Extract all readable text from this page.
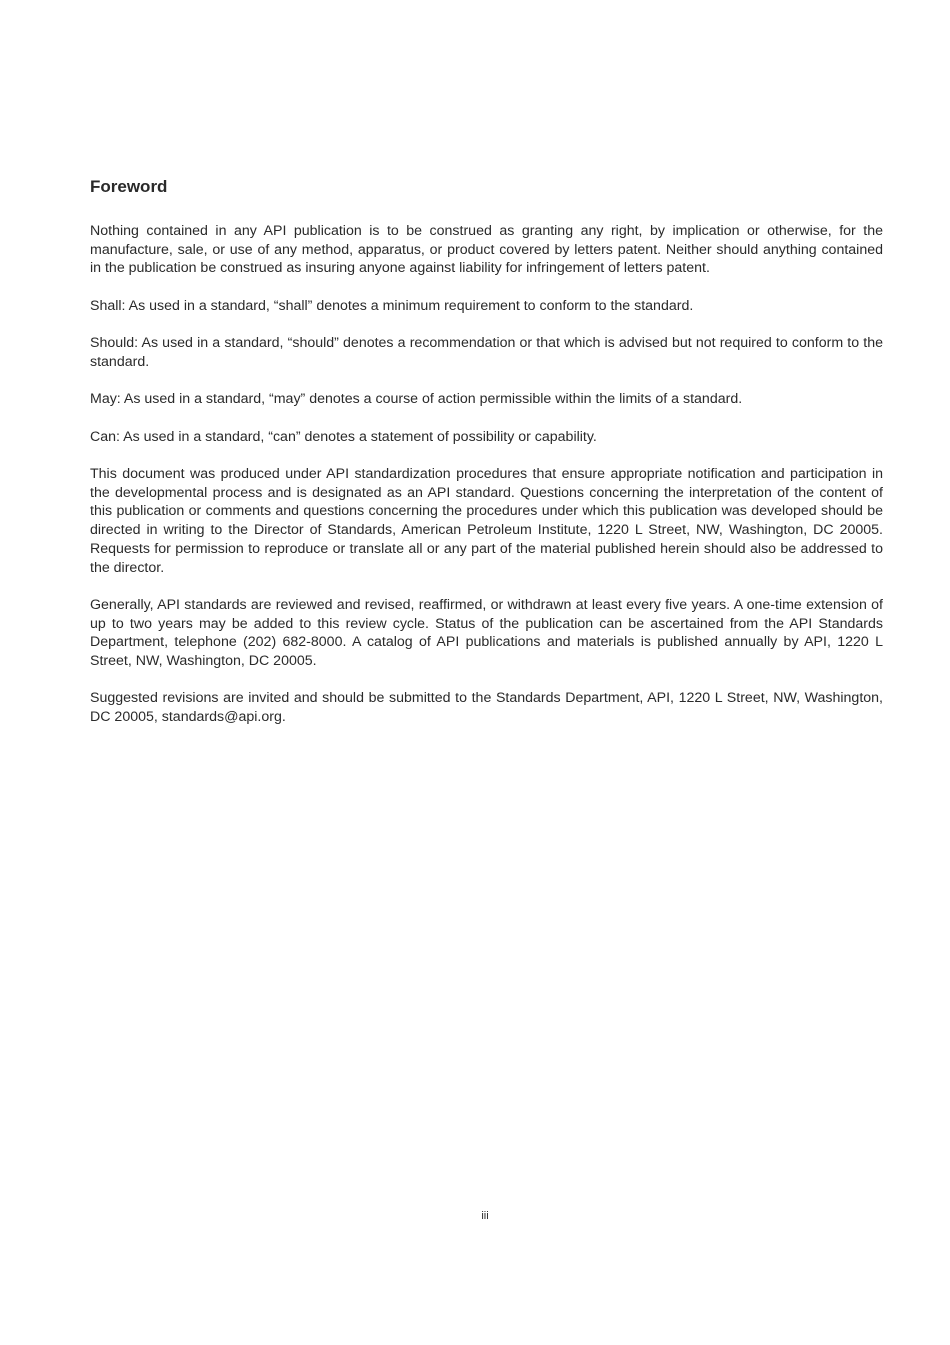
Foreword

Nothing contained in any API publication is to be construed as granting any right, by implication or otherwise, for the manufacture, sale, or use of any method, apparatus, or product covered by letters patent. Neither should anything contained in the publication be construed as insuring anyone against liability for infringement of letters patent.

Shall: As used in a standard, “shall” denotes a minimum requirement to conform to the standard.

Should: As used in a standard, “should” denotes a recommendation or that which is advised but not required to conform to the standard.

May: As used in a standard, “may” denotes a course of action permissible within the limits of a standard.

Can: As used in a standard, “can” denotes a statement of possibility or capability.

This document was produced under API standardization procedures that ensure appropriate notification and participation in the developmental process and is designated as an API standard. Questions concerning the interpretation of the content of this publication or comments and questions concerning the procedures under which this publication was developed should be directed in writing to the Director of Standards, American Petroleum Institute, 1220 L Street, NW, Washington, DC 20005. Requests for permission to reproduce or translate all or any part of the material published herein should also be addressed to the director.

Generally, API standards are reviewed and revised, reaffirmed, or withdrawn at least every five years. A one-time extension of up to two years may be added to this review cycle. Status of the publication can be ascertained from the API Standards Department, telephone (202) 682-8000. A catalog of API publications and materials is published annually by API, 1220 L Street, NW, Washington, DC 20005.

Suggested revisions are invited and should be submitted to the Standards Department, API, 1220 L Street, NW, Washington, DC 20005, standards@api.org.

iii
